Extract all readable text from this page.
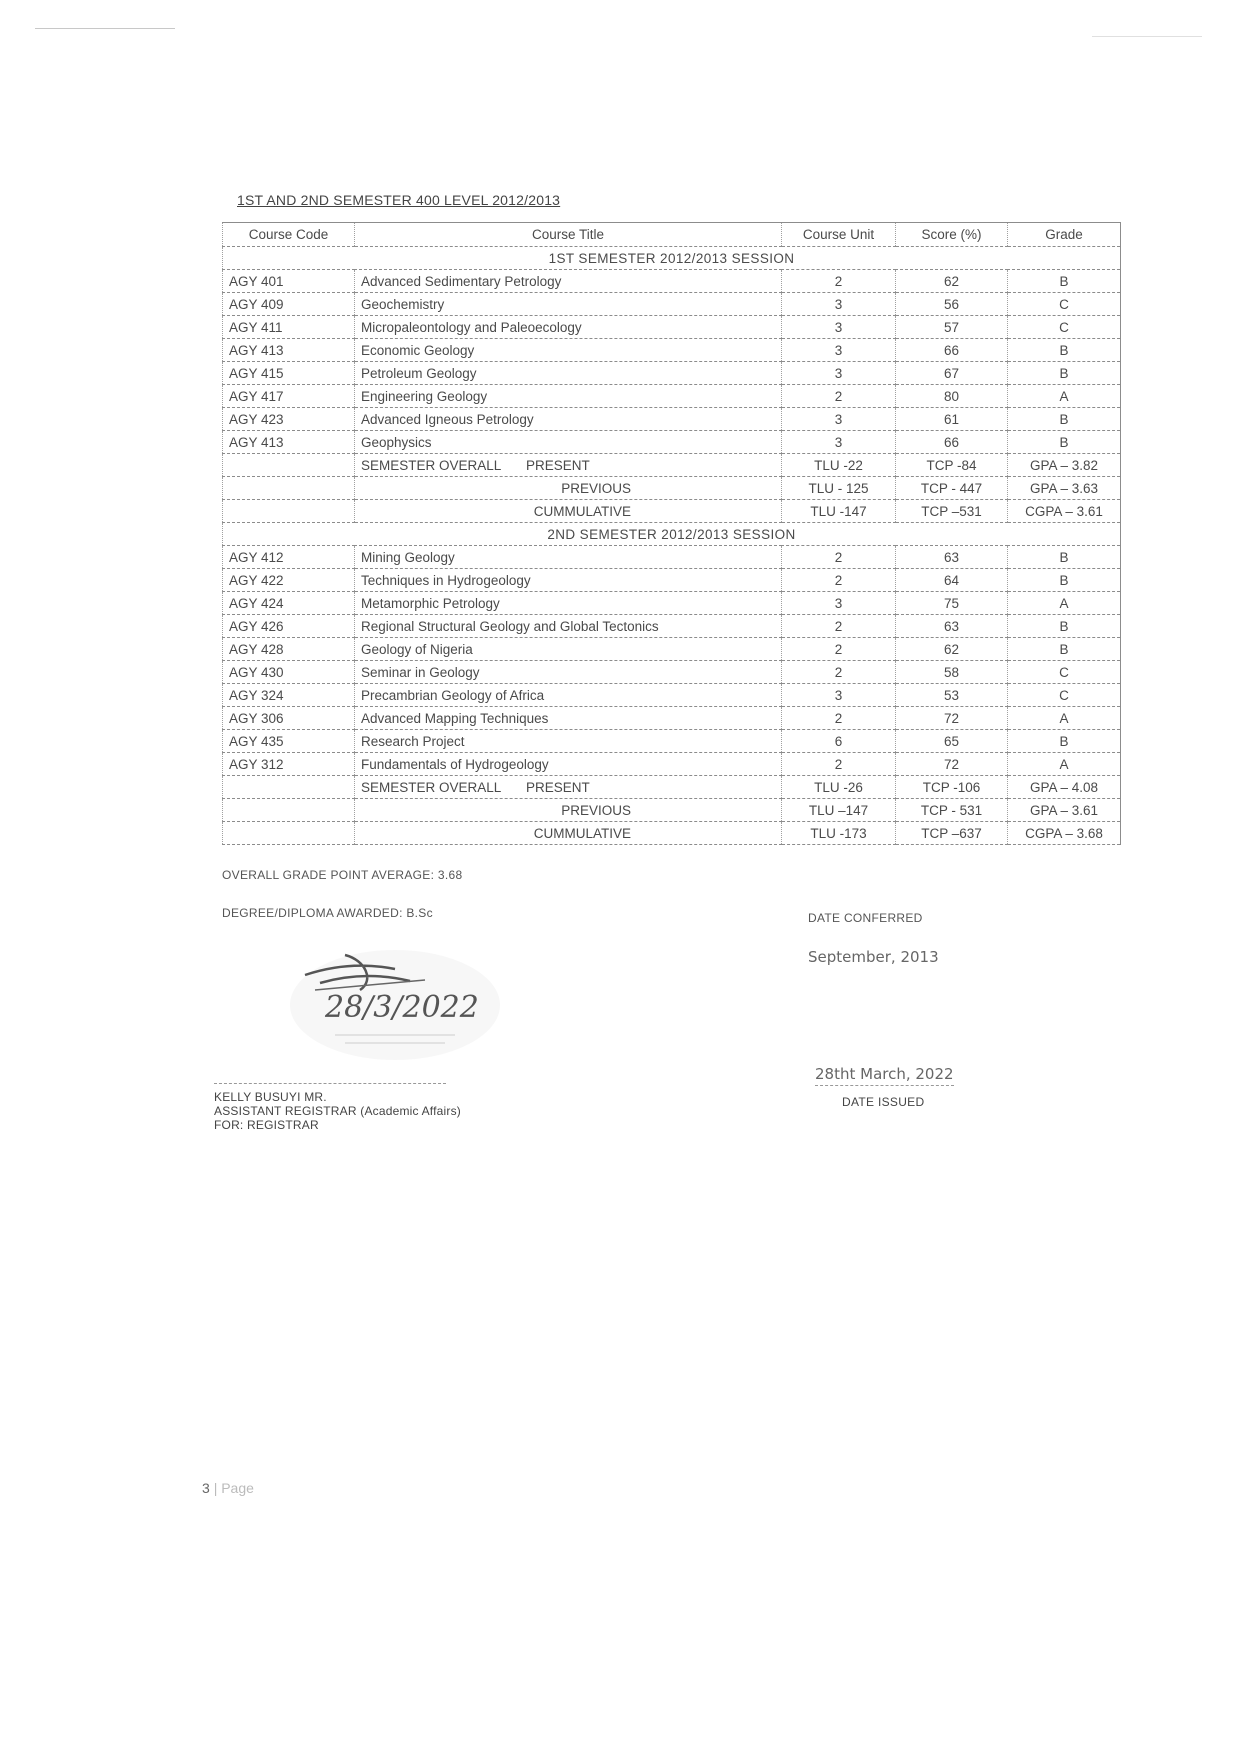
1ST AND 2ND SEMESTER 400 LEVEL 2012/2013
Course Code	Course Title	Course Unit	Score (%)	Grade
1ST SEMESTER 2012/2013 SESSION				
AGY 401	Advanced Sedimentary Petrology	2	62	B
AGY 409	Geochemistry	3	56	C
AGY 411	Micropaleontology and Paleoecology	3	57	C
AGY 413	Economic Geology	3	66	B
AGY 415	Petroleum Geology	3	67	B
AGY 417	Engineering Geology	2	80	A
AGY 423	Advanced Igneous Petrology	3	61	B
AGY 413	Geophysics	3	66	B
	SEMESTER OVERALL PRESENT	TLU -22	TCP -84	GPA – 3.82
	PREVIOUS	TLU - 125	TCP - 447	GPA – 3.63
	CUMMULATIVE	TLU -147	TCP –531	CGPA – 3.61
2ND SEMESTER 2012/2013 SESSION				
AGY 412	Mining Geology	2	63	B
AGY 422	Techniques in Hydrogeology	2	64	B
AGY 424	Metamorphic Petrology	3	75	A
AGY 426	Regional Structural Geology and Global Tectonics	2	63	B
AGY 428	Geology of Nigeria	2	62	B
AGY 430	Seminar in Geology	2	58	C
AGY 324	Precambrian Geology of Africa	3	53	C
AGY 306	Advanced Mapping Techniques	2	72	A
AGY 435	Research Project	6	65	B
AGY 312	Fundamentals of Hydrogeology	2	72	A
	SEMESTER OVERALL PRESENT	TLU -26	TCP -106	GPA – 4.08
	PREVIOUS	TLU –147	TCP - 531	GPA – 3.61
	CUMMULATIVE	TLU -173	TCP –637	CGPA – 3.68
OVERALL GRADE POINT AVERAGE: 3.68
DEGREE/DIPLOMA AWARDED: B.Sc	DATE CONFERRED
September, 2013
28/3/2022
28tht March, 2022
DATE ISSUED
KELLY BUSUYI MR.
ASSISTANT REGISTRAR (Academic Affairs)
FOR: REGISTRAR
3 | Page
